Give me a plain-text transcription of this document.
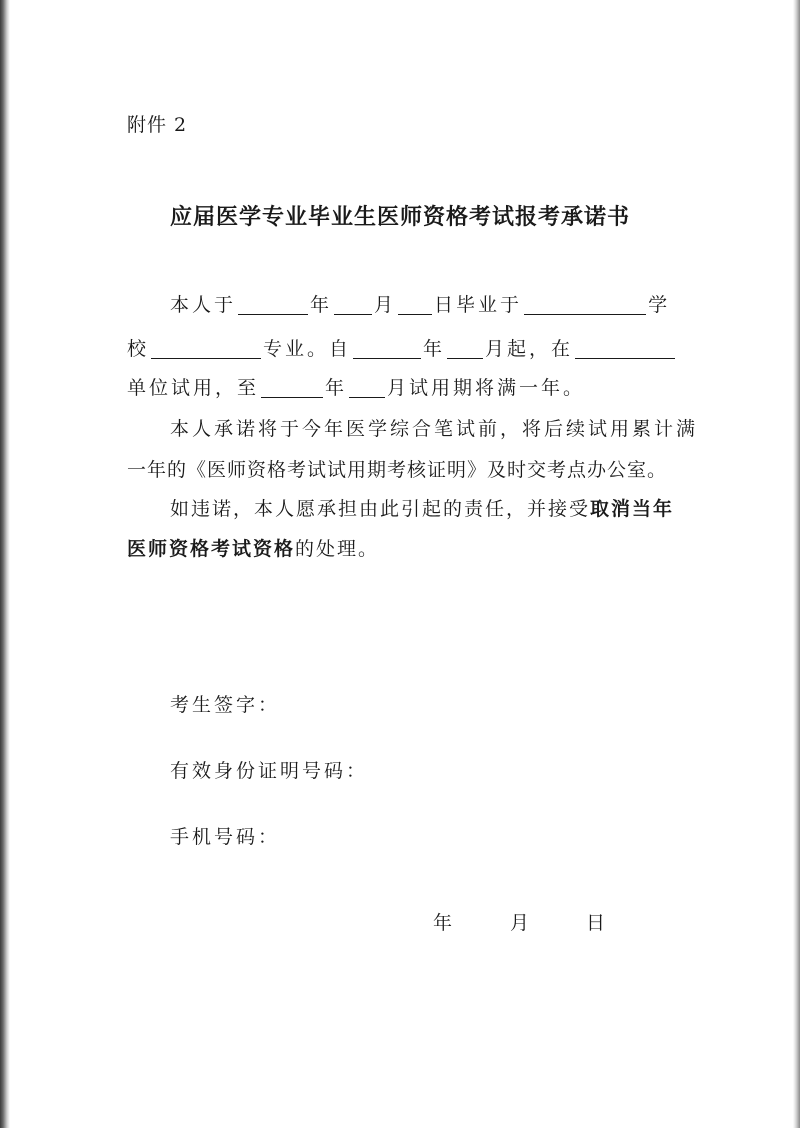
附件 2
应届医学专业毕业生医师资格考试报考承诺书
本人于	年 月 日毕业于	学
校	专业。自	年 月起，在
单位试用，至	年 月试用期将满一年。
本人承诺将于今年医学综合笔试前，将后续试用累计满
一年的《医师资格考试试用期考核证明》及时交考点办公室。
如违诺，本人愿承担由此引起的责任，并接受取消当年
医师资格考试资格的处理。
考生签字：
有效身份证明号码：
手机号码：
年	月	日
